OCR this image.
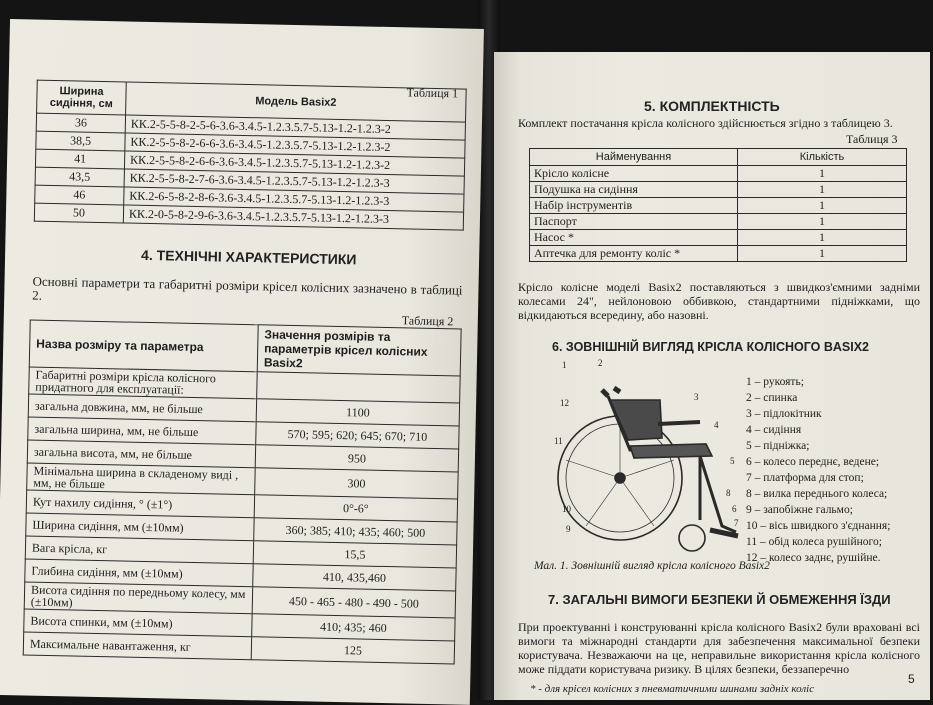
Таблиця 1
Ширина сидіння, см	Модель Basix2
36	КК.2-5-5-8-2-5-6-3.6-3.4.5-1.2.3.5.7-5.13-1.2-1.2.3-2
38,5	КК.2-5-5-8-2-6-6-3.6-3.4.5-1.2.3.5.7-5.13-1.2-1.2.3-2
41	КК.2-5-5-8-2-6-6-3.6-3.4.5-1.2.3.5.7-5.13-1.2-1.2.3-2
43,5	КК.2-5-5-8-2-7-6-3.6-3.4.5-1.2.3.5.7-5.13-1.2-1.2.3-3
46	КК.2-6-5-8-2-8-6-3.6-3.4.5-1.2.3.5.7-5.13-1.2-1.2.3-3
50	КК.2-0-5-8-2-9-6-3.6-3.4.5-1.2.3.5.7-5.13-1.2-1.2.3-3
4. ТЕХНІЧНІ ХАРАКТЕРИСТИКИ
Основні параметри та габаритні розміри крісел колісних зазначено в таблиці 2.
Таблиця 2
Назва розміру та параметра	Значення розмірів та параметрів крісел колісних Basix2
Габаритні розміри крісла колісного придатного для експлуатації:	
загальна довжина, мм, не більше	1100
загальна ширина, мм, не більше	570; 595; 620; 645; 670; 710
загальна висота, мм, не більше	950
Мінімальна ширина в складеному виді , мм, не більше	300
Кут нахилу сидіння, ° (±1°)	0°-6°
Ширина сидіння, мм (±10мм)	360; 385; 410; 435; 460; 500
Вага крісла, кг	15,5
Глибина сидіння, мм (±10мм)	410, 435,460
Висота сидіння по передньому колесу, мм (±10мм)	450 - 465 - 480 - 490 - 500
Висота спинки, мм (±10мм)	410; 435; 460
Максимальне навантаження, кг	125
5. КОМПЛЕКТНІСТЬ
Комплект постачання крісла колісного здійснюється згідно з таблицею 3.
Таблиця 3
Найменування	Кількість
Крісло колісне	1
Подушка на сидіння	1
Набір інструментів	1
Паспорт	1
Насос *	1
Аптечка для ремонту коліс *	1
Крісло колісне моделі Basix2 поставляються з швидкоз'ємними задніми колесами 24", нейлоновою оббивкою, стандартними підніжками, що відкидаються всередину, або назовні.
6. ЗОВНІШНІЙ ВИГЛЯД КРІСЛА КОЛІСНОГО BASIX2
1	2
3
4
5
6
7
8
9
10
11
12
1 – рукоять;
2 – спинка
3 – підлокітник
4 – сидіння
5 – підніжка;
6 – колесо переднє, ведене;
7 – платформа для стоп;
8 – вилка переднього колеса;
9 – запобіжне гальмо;
10 – вісь швидкого з'єднання;
11 – обід колеса рушійного;
12 – колесо заднє, рушійне.
Мал. 1. Зовнішній вигляд крісла колісного Basix2
7. ЗАГАЛЬНІ ВИМОГИ БЕЗПЕКИ Й ОБМЕЖЕННЯ ЇЗДИ
При проектуванні і конструюванні крісла колісного Basix2 були враховані всі вимоги та міжнародні стандарти для забезпечення максимальної безпеки користувача. Незважаючи на це, неправильне використання крісла колісного може піддати користувача ризику. В цілях безпеки, беззаперечно
* - для крісел колісних з пневматичними шинами задніх коліс
5
